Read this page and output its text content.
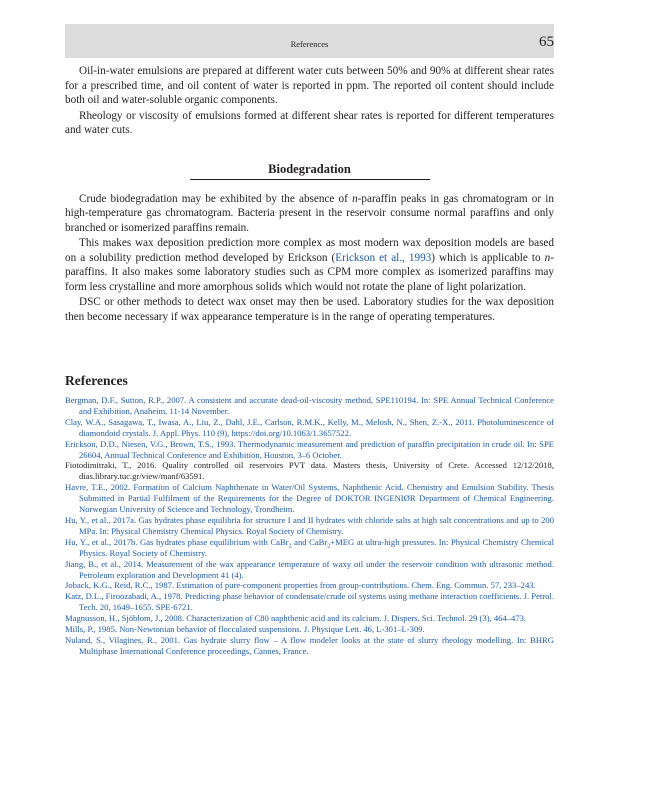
References	65

Oil-in-water emulsions are prepared at different water cuts between 50% and 90% at different shear rates for a prescribed time, and oil content of water is reported in ppm. The reported oil content should include both oil and water-soluble organic components.

Rheology or viscosity of emulsions formed at different shear rates is reported for different temperatures and water cuts.

Biodegradation

Crude biodegradation may be exhibited by the absence of n-paraffin peaks in gas chromatogram or in high-temperature gas chromatogram. Bacteria present in the reservoir consume normal paraffins and only branched or isomerized paraffins remain.

This makes wax deposition prediction more complex as most modern wax deposition models are based on a solubility prediction method developed by Erickson (Erickson et al., 1993) which is applicable to n-paraffins. It also makes some laboratory studies such as CPM more complex as isomerized paraffins may form less crystalline and more amorphous solids which would not rotate the plane of light polarization.

DSC or other methods to detect wax onset may then be used. Laboratory studies for the wax deposition then become necessary if wax appearance temperature is in the range of operating temperatures.

References
Bergman, D.F., Sutton, R.P., 2007. A consistent and accurate dead-oil-viscosity method, SPE110194. In: SPE Annual Technical Conference and Exhibition, Anaheim, 11-14 November.
Clay, W.A., Sasagawa, T., Iwasa, A., Liu, Z., Dahl, J.E., Carlson, R.M.K., Kelly, M., Melosh, N., Shen, Z.-X., 2011. Photoluminescence of diamondoid crystals. J. Appl. Phys. 110 (9), https://doi.org/10.1063/1.3657522.
Erickson, D.D., Niesen, V.G., Brown, T.S., 1993. Thermodynamic measurement and prediction of paraffin precipitation in crude oil. In: SPE 26604, Annual Technical Conference and Exhibition, Houston, 3–6 October.
Fiotodimitraki, T., 2016. Quality controlled oil reservoirs PVT data. Masters thesis, University of Crete. Accessed 12/12/2018, dias.library.tuc.gr/view/manf/63591.
Havre, T.E., 2002. Formation of Calcium Naphthenate in Water/Oil Systems, Naphthenic Acid. Chemistry and Emulsion Stability. Thesis Submitted in Partial Fulfilment of the Requirements for the Degree of DOKTOR INGENIØR Department of Chemical Engineering. Norwegian University of Science and Technology, Trondheim.
Hu, Y., et al., 2017a. Gas hydrates phase equilibria for structure I and II hydrates with chloride salts at high salt concentrations and up to 200 MPa. In: Physical Chemistry Chemical Physics. Royal Society of Chemistry.
Hu, Y., et al., 2017b. Gas hydrates phase equilibrium with CaBr$_2$ and CaBr$_2$+MEG at ultra-high pressures. In: Physical Chemistry Chemical Physics. Royal Society of Chemistry.
Jiang, B., et al., 2014. Measurement of the wax appearance temperature of waxy oil under the reservoir condition with ultrasonic method. Petroleum exploration and Development 41 (4).
Joback, K.G., Reid, R.C., 1987. Estimation of pure-component properties from group-contributions. Chem. Eng. Commun. 57, 233–243.
Katz, D.L., Firoozabadi, A., 1978. Predicting phase behavior of condensate/crude oil systems using methane interaction coefficients. J. Petrol. Tech. 20, 1649–1655. SPE-6721.
Magnusson, H., Sjöblom, J., 2008. Characterization of C80 naphthenic acid and its calcium. J. Dispers. Sci. Technol. 29 (3), 464–473.
Mills, P., 1985. Non-Newtonian behavior of flocculated suspensions. J. Physique Lett. 46, L-301–L-309.
Nuland, S., Vilagines, R., 2001. Gas hydrate slurry flow – A flow modeler looks at the state of slurry rheology modelling. In: BHRG Multiphase International Conference proceedings, Cannes, France.
